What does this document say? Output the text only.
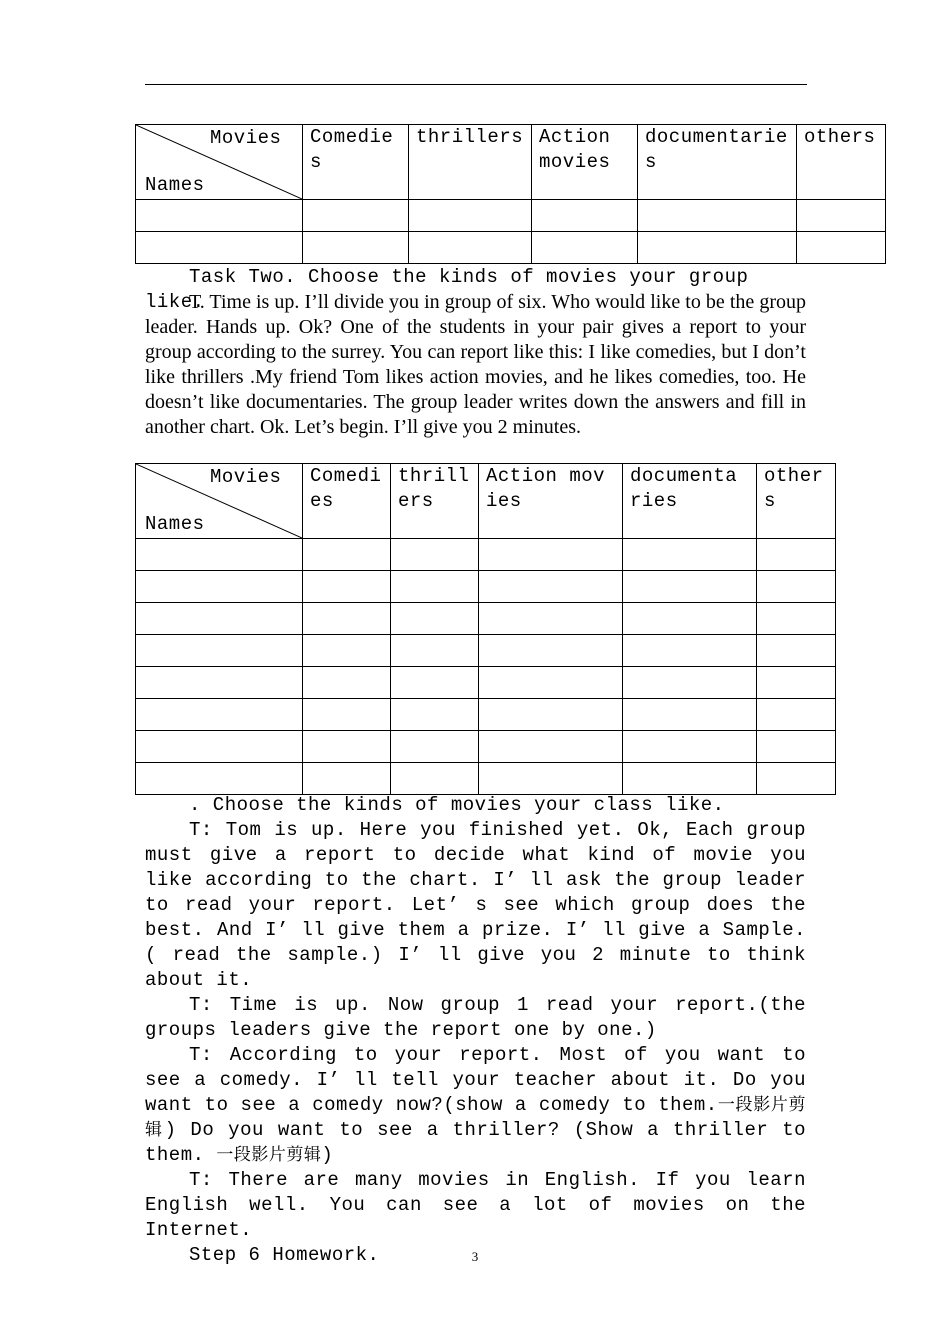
Movies
Names	Comedies	thrillers	Action movies	documentaries	others

Task Two. Choose the kinds of movies your group like.

T. Time is up. I’ll divide you in group of six. Who would like to be the group leader. Hands up. Ok? One of the students in your pair gives a report to your group according to the surrey. You can report like this: I like comedies, but I don’t like thrillers .My friend Tom likes action movies, and he likes comedies, too. He doesn’t like documentaries. The group leader writes down the answers and fill in another chart. Ok. Let’s begin. I’ll give you 2 minutes.

Movies
Names	Comedies	thrillers	Action movies	documentaries	others

. Choose the kinds of movies your class like.

T: Tom is up. Here you finished yet. Ok, Each group must give a report to decide what kind of movie you like according to the chart. I’ ll ask the group leader to read your report. Let’ s see which group does the best. And I’ ll give them a prize. I’ ll give a Sample. ( read the sample.) I’ ll give you 2 minute to think about it.

T: Time is up. Now group 1 read your report.(the groups leaders give the report one by one.)

T: According to your report. Most of you want to see a comedy. I’ ll tell your teacher about it. Do you want to see a comedy now?(show a comedy to them.一段影片剪辑) Do you want to see a thriller? (Show a thriller to them. 一段影片剪辑)

T: There are many movies in English. If you learn English well. You can see a lot of movies on the Internet.

Step 6 Homework.	3
